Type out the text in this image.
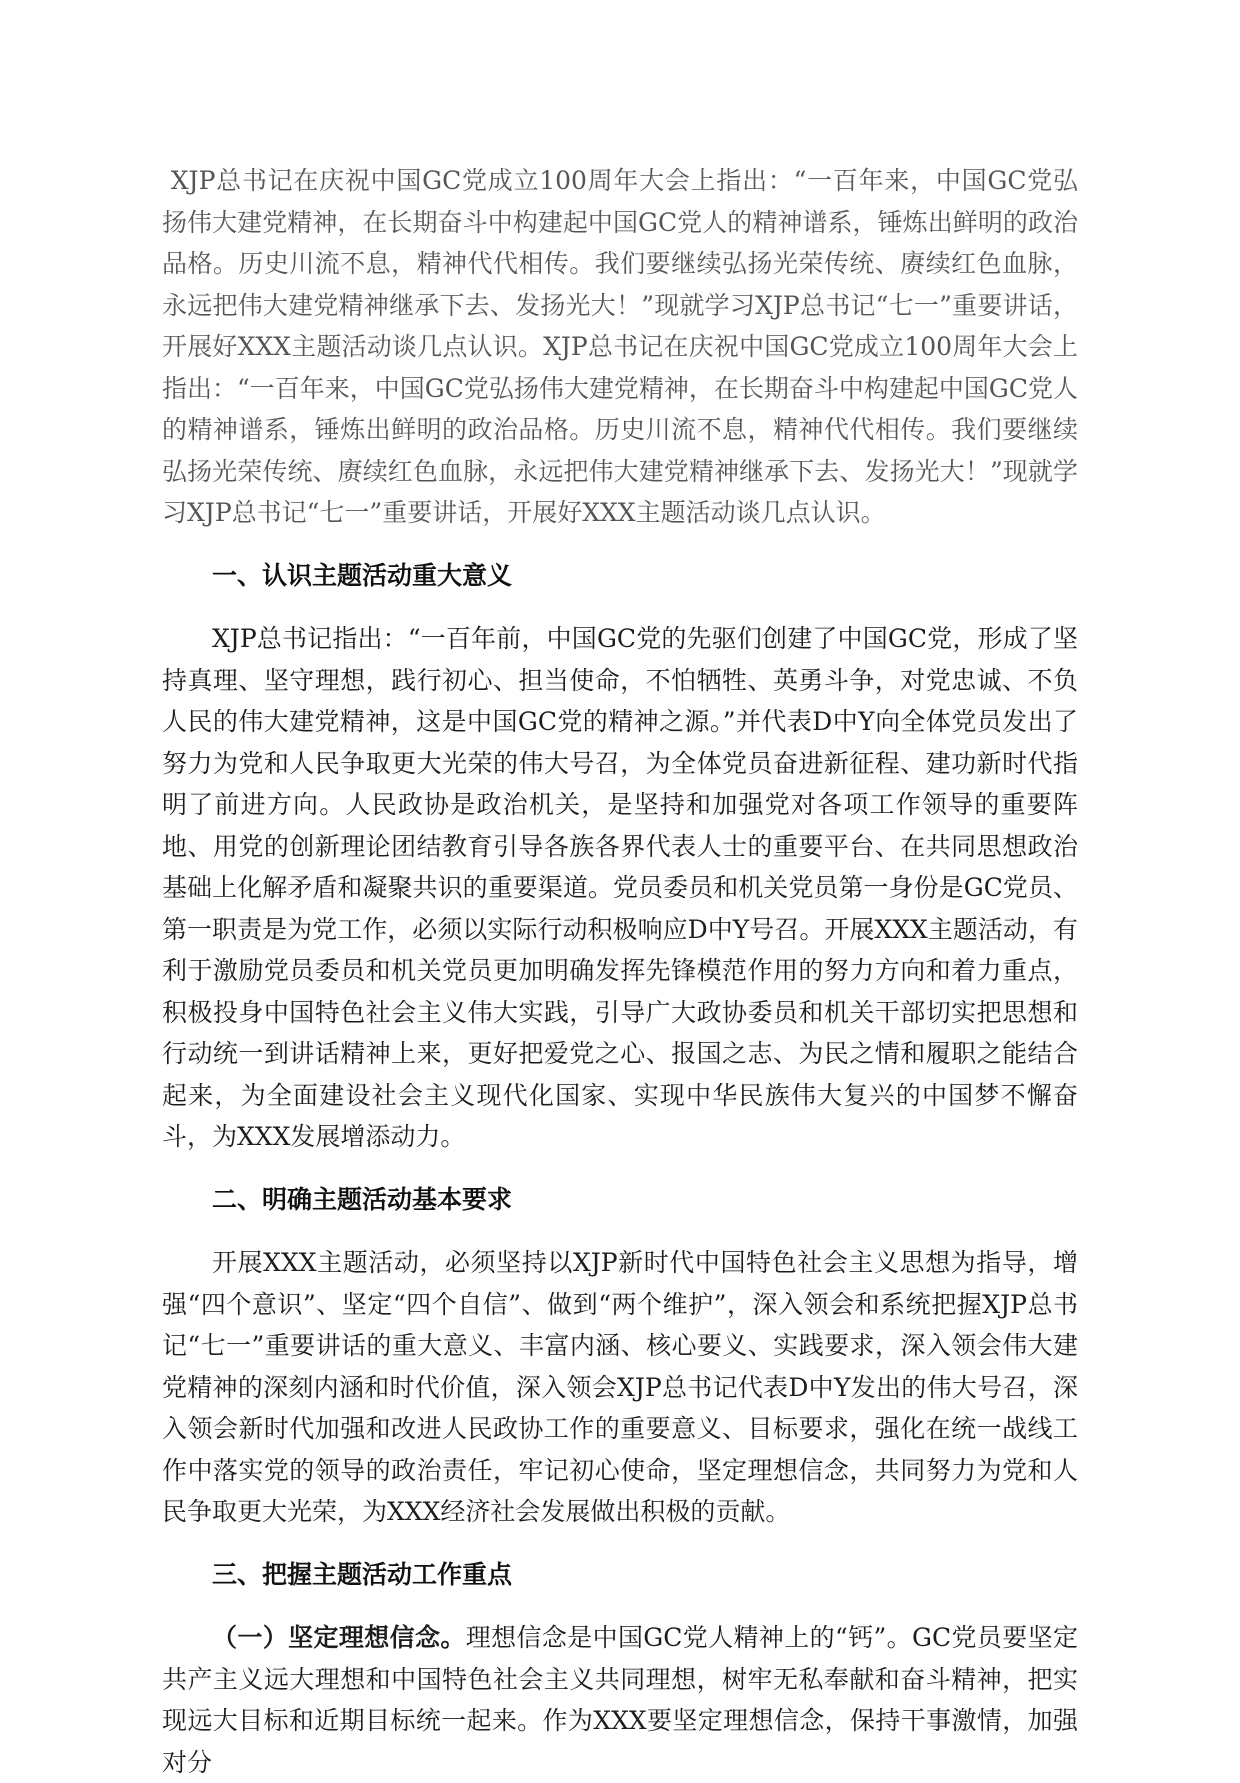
XJP总书记在庆祝中国GC党成立100周年大会上指出：“一百年来，中国GC党弘扬伟大建党精神，在长期奋斗中构建起中国GC党人的精神谱系，锤炼出鲜明的政治品格。历史川流不息，精神代代相传。我们要继续弘扬光荣传统、赓续红色血脉，永远把伟大建党精神继承下去、发扬光大！”现就学习XJP总书记“七一”重要讲话，开展好XXX主题活动谈几点认识。XJP总书记在庆祝中国GC党成立100周年大会上指出：“一百年来，中国GC党弘扬伟大建党精神，在长期奋斗中构建起中国GC党人的精神谱系，锤炼出鲜明的政治品格。历史川流不息，精神代代相传。我们要继续弘扬光荣传统、赓续红色血脉，永远把伟大建党精神继承下去、发扬光大！”现就学习XJP总书记“七一”重要讲话，开展好XXX主题活动谈几点认识。

一、认识主题活动重大意义

XJP总书记指出：“一百年前，中国GC党的先驱们创建了中国GC党，形成了坚持真理、坚守理想，践行初心、担当使命，不怕牺牲、英勇斗争，对党忠诚、不负人民的伟大建党精神，这是中国GC党的精神之源。”并代表D中Y向全体党员发出了努力为党和人民争取更大光荣的伟大号召，为全体党员奋进新征程、建功新时代指明了前进方向。人民政协是政治机关，是坚持和加强党对各项工作领导的重要阵地、用党的创新理论团结教育引导各族各界代表人士的重要平台、在共同思想政治基础上化解矛盾和凝聚共识的重要渠道。党员委员和机关党员第一身份是GC党员、第一职责是为党工作，必须以实际行动积极响应D中Y号召。开展XXX主题活动，有利于激励党员委员和机关党员更加明确发挥先锋模范作用的努力方向和着力重点，积极投身中国特色社会主义伟大实践，引导广大政协委员和机关干部切实把思想和行动统一到讲话精神上来，更好把爱党之心、报国之志、为民之情和履职之能结合起来，为全面建设社会主义现代化国家、实现中华民族伟大复兴的中国梦不懈奋斗，为XXX发展增添动力。

二、明确主题活动基本要求

开展XXX主题活动，必须坚持以XJP新时代中国特色社会主义思想为指导，增强“四个意识”、坚定“四个自信”、做到“两个维护”，深入领会和系统把握XJP总书记“七一”重要讲话的重大意义、丰富内涵、核心要义、实践要求，深入领会伟大建党精神的深刻内涵和时代价值，深入领会XJP总书记代表D中Y发出的伟大号召，深入领会新时代加强和改进人民政协工作的重要意义、目标要求，强化在统一战线工作中落实党的领导的政治责任，牢记初心使命，坚定理想信念，共同努力为党和人民争取更大光荣，为XXX经济社会发展做出积极的贡献。

三、把握主题活动工作重点

（一）坚定理想信念。理想信念是中国GC党人精神上的“钙”。GC党员要坚定共产主义远大理想和中国特色社会主义共同理想，树牢无私奉献和奋斗精神，把实现远大目标和近期目标统一起来。作为XXX要坚定理想信念，保持干事激情，加强对分
